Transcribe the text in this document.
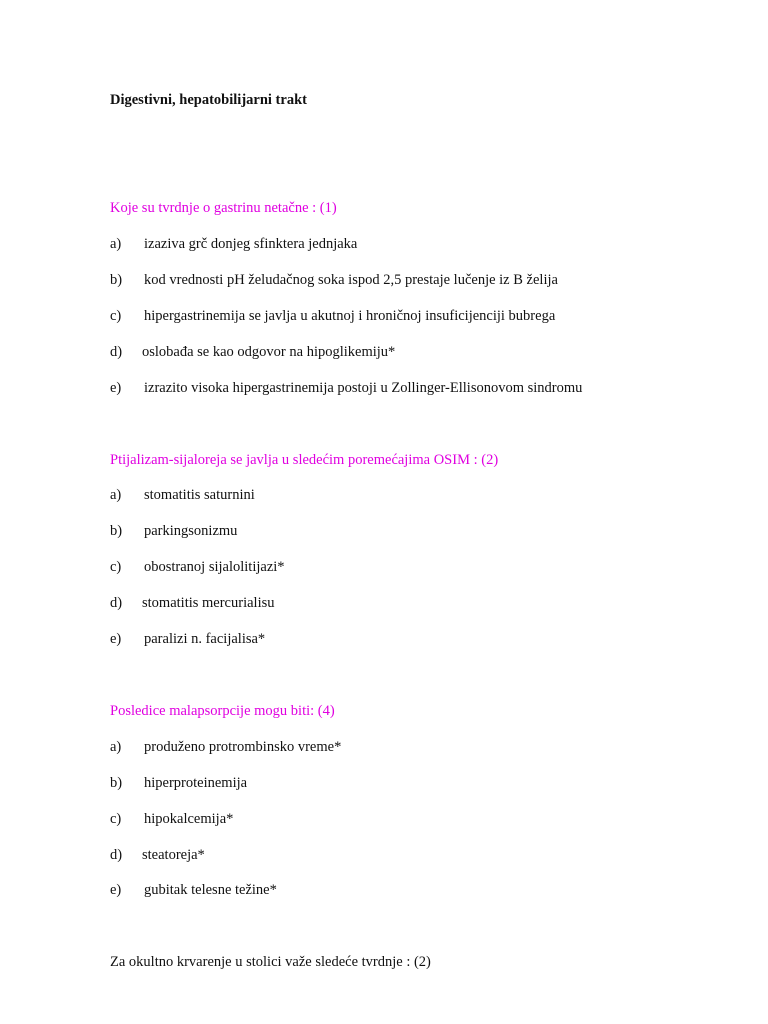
Digestivni, hepatobilijarni trakt
Koje su tvrdnje o gastrinu netačne : (1)
a) izaziva grč donjeg sfinktera jednjaka
b) kod vrednosti pH želudačnog soka ispod 2,5 prestaje lučenje iz B želija
c) hipergastrinemija se javlja u akutnoj i hroničnoj insuficijenciji bubrega
d) oslobađa se kao odgovor na hipoglikemiju*
e) izrazito visoka hipergastrinemija postoji u Zollinger-Ellisonovom sindromu
Ptijalizam-sijaloreja se javlja u sledećim poremećajima OSIM : (2)
a) stomatitis saturnini
b) parkingsonizmu
c) obostranoj sijalolitijazi*
d) stomatitis mercurialisu
e) paralizi n. facijalisa*
Posledice malapsorpcije mogu biti: (4)
a) produženo protrombinsko vreme*
b) hiperproteinemija
c) hipokalcemija*
d) steatoreja*
e) gubitak telesne težine*
Za okultno krvarenje u stolici važe sledeće tvrdnje : (2)
